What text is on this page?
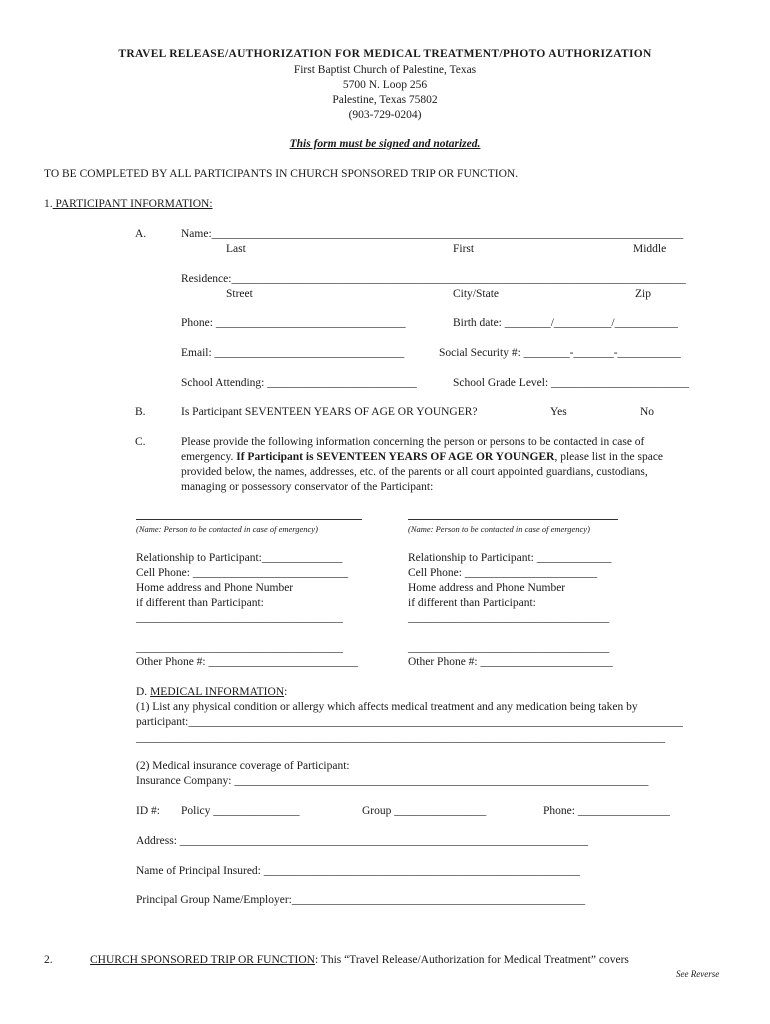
TRAVEL RELEASE/AUTHORIZATION FOR MEDICAL TREATMENT/PHOTO AUTHORIZATION
First Baptist Church of Palestine, Texas
5700 N. Loop 256
Palestine, Texas 75802
(903-729-0204)
This form must be signed and notarized.
TO BE COMPLETED BY ALL PARTICIPANTS IN CHURCH SPONSORED TRIP OR FUNCTION.
1. PARTICIPANT INFORMATION:
A.	Name:__________________________________________________________________________________
Last	First	Middle
Residence:_______________________________________________________________________________
Street	City/State	Zip
Phone: _________________________________	Birth date: ________/__________/___________
Email: _________________________________	Social Security #: ________-_______-___________
School Attending: __________________________	School Grade Level: ________________________
B.	Is Participant SEVENTEEN YEARS OF AGE OR YOUNGER?	Yes	No
C.	Please provide the following information concerning the person or persons to be contacted in case of
emergency. If Participant is SEVENTEEN YEARS OF AGE OR YOUNGER, please list in the space
provided below, the names, addresses, etc. of the parents or all court appointed guardians, custodians,
managing or possessory conservator of the Participant:
(Name: Person to be contacted in case of emergency)	(Name: Person to be contacted in case of emergency)
Relationship to Participant:______________
Cell Phone: ___________________________
Home address and Phone Number
if different than Participant:
____________________________________
____________________________________
Other Phone #: __________________________
Relationship to Participant: _____________
Cell Phone: _______________________
Home address and Phone Number
if different than Participant:
___________________________________
___________________________________
Other Phone #: _______________________
D. MEDICAL INFORMATION:
(1) List any physical condition or allergy which affects medical treatment and any medication being taken by
participant:______________________________________________________________________________________
____________________________________________________________________________________________
(2) Medical insurance coverage of Participant:
Insurance Company: ________________________________________________________________________
ID #: Policy _______________	Group ________________	Phone: ________________
Address: _______________________________________________________________________
Name of Principal Insured: _______________________________________________________
Principal Group Name/Employer:___________________________________________________
2.	CHURCH SPONSORED TRIP OR FUNCTION: This “Travel Release/Authorization for Medical Treatment” covers
See Reverse
